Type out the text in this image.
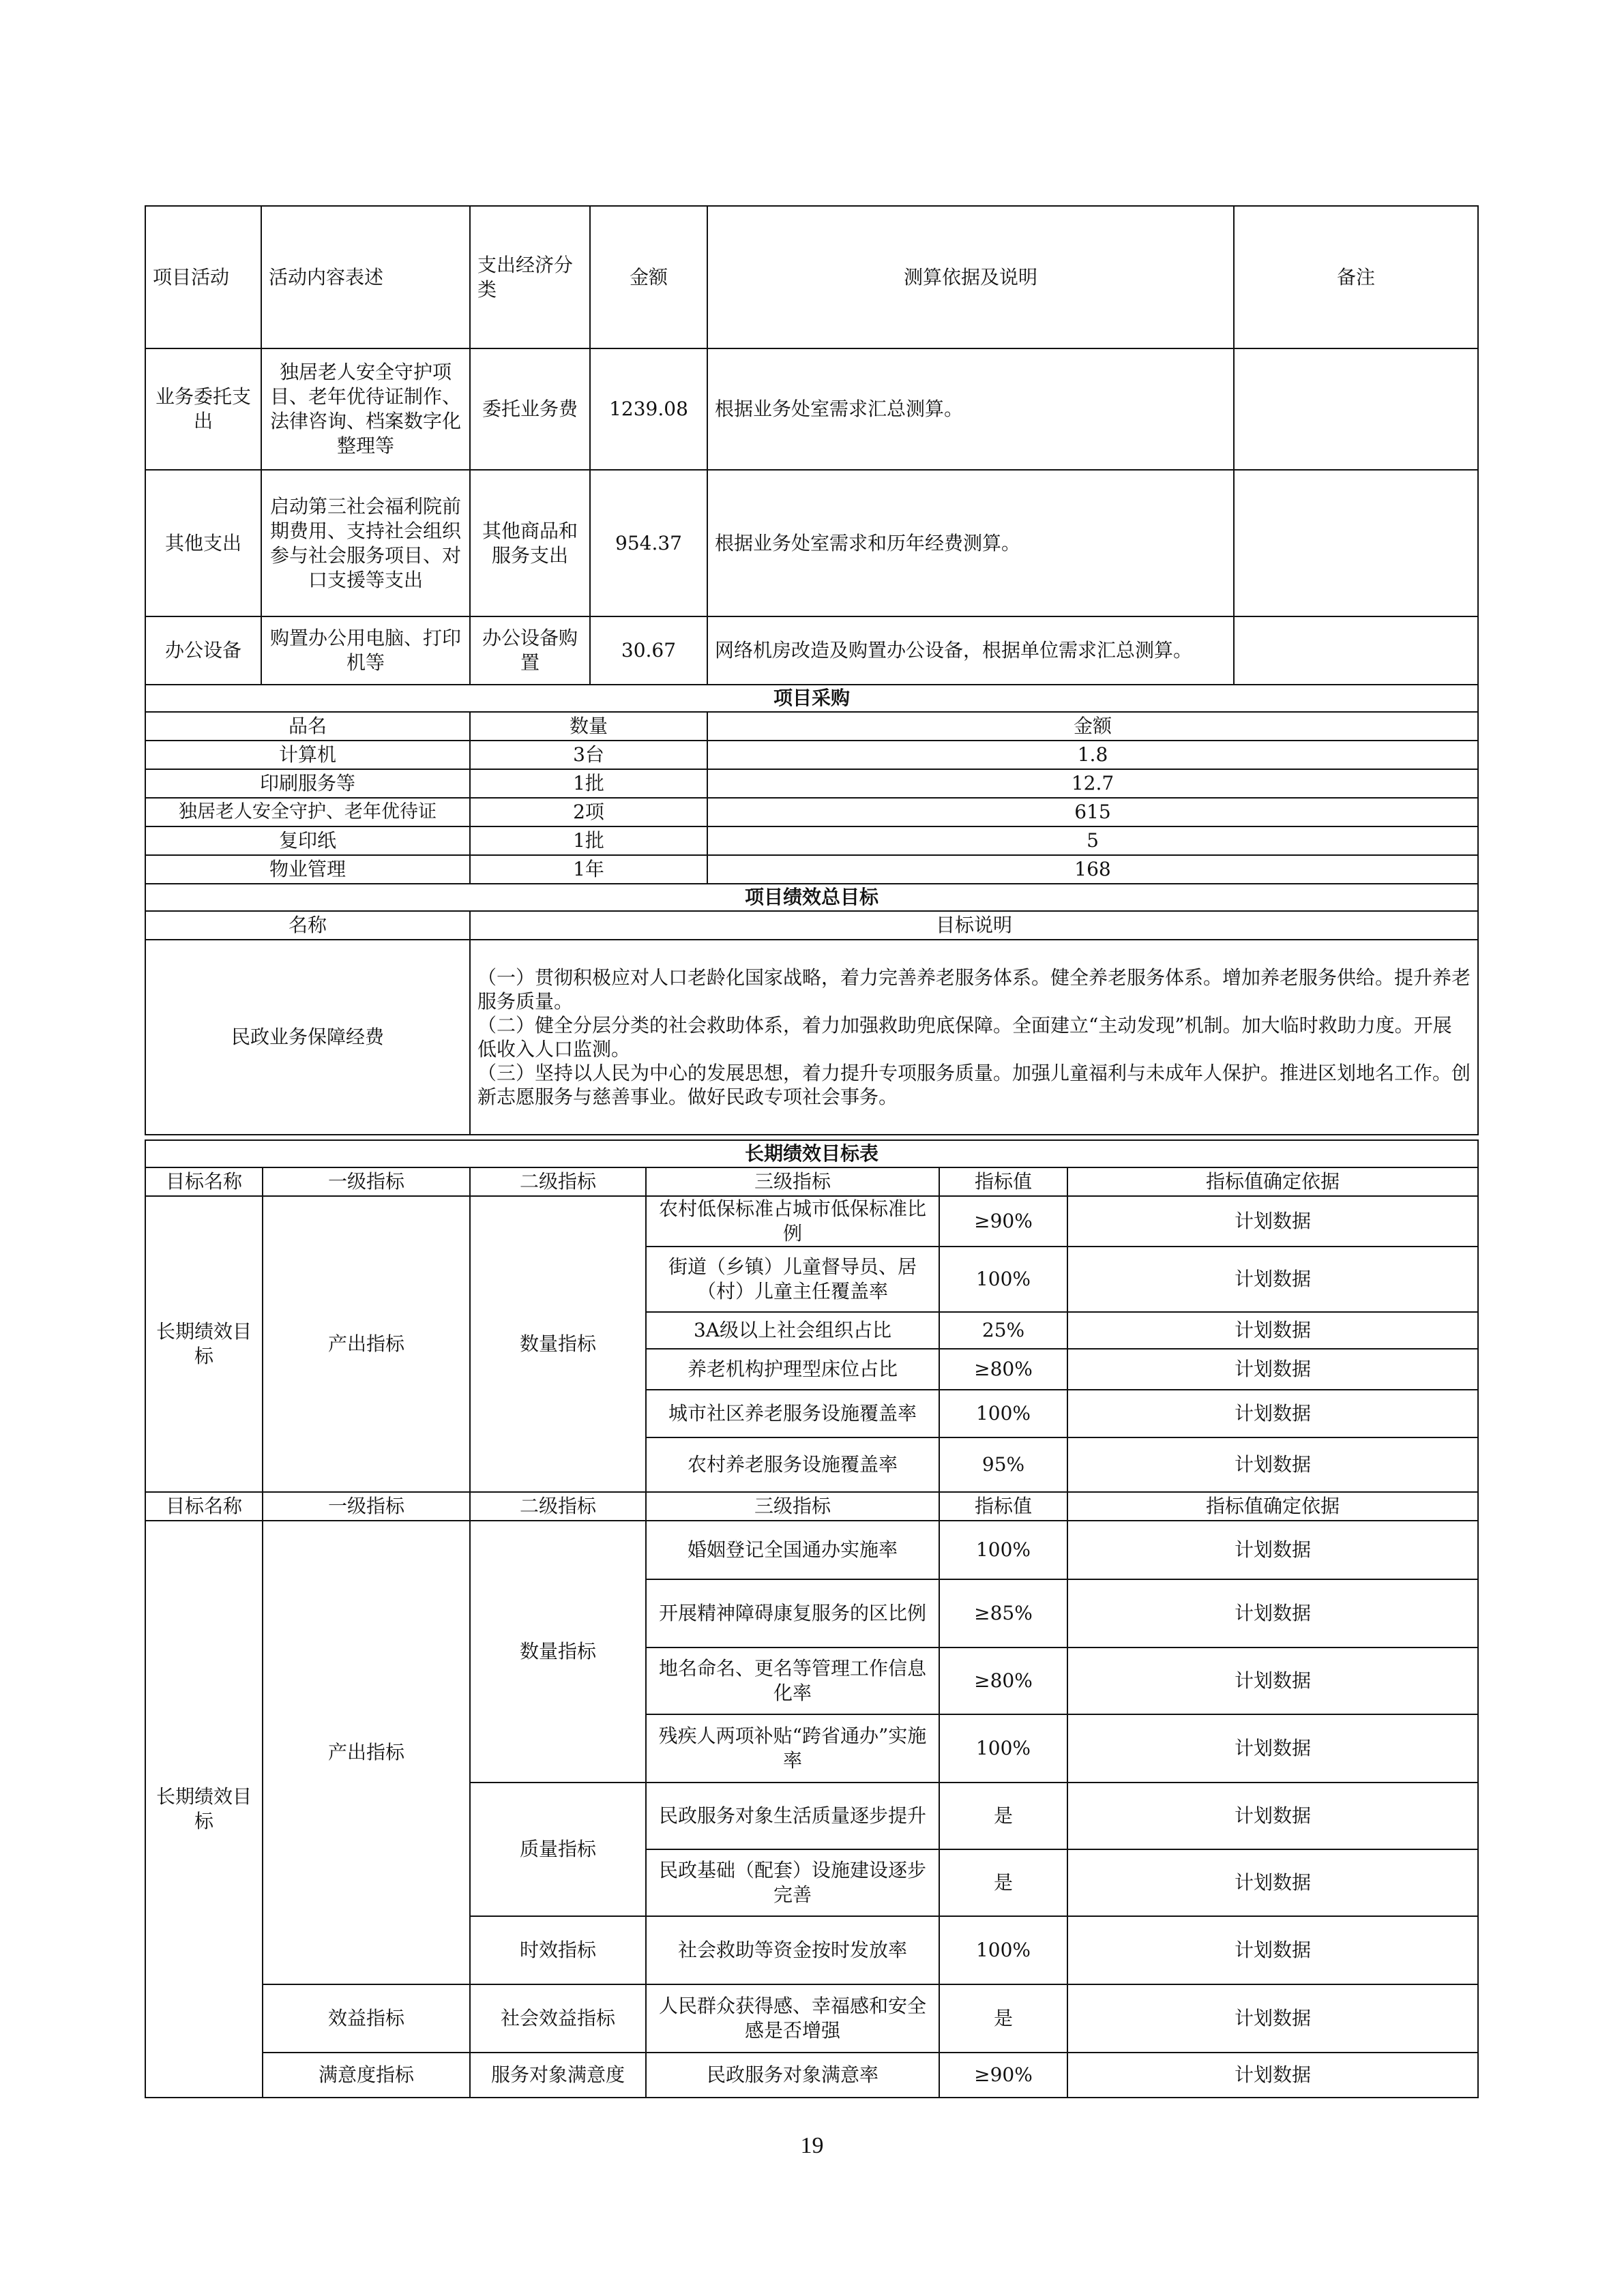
项目活动	活动内容表述	支出经济分类	金额	测算依据及说明	备注
业务委托支出	独居老人安全守护项目、老年优待证制作、法律咨询、档案数字化整理等	委托业务费	1239.08	根据业务处室需求汇总测算。	
其他支出	启动第三社会福利院前期费用、支持社会组织参与社会服务项目、对口支援等支出	其他商品和服务支出	954.37	根据业务处室需求和历年经费测算。	
办公设备	购置办公用电脑、打印机等	办公设备购置	30.67	网络机房改造及购置办公设备，根据单位需求汇总测算。	
项目采购		
品名	数量	金额
计算机	3台	1.8
印刷服务等	1批	12.7
独居老人安全守护、老年优待证	2项	615
复印纸	1批	5
物业管理	1年	168
项目绩效总目标		
名称	目标说明	
民政业务保障经费	（一）贯彻积极应对人口老龄化国家战略，着力完善养老服务体系。健全养老服务体系。增加养老服务供给。提升养老服务质量。
（二）健全分层分类的社会救助体系，着力加强救助兜底保障。全面建立“主动发现”机制。加大临时救助力度。开展低收入人口监测。
（三）坚持以人民为中心的发展思想，着力提升专项服务质量。加强儿童福利与未成年人保护。推进区划地名工作。创新志愿服务与慈善事业。做好民政专项社会事务。	
长期绩效目标表					
目标名称	一级指标	二级指标	三级指标	指标值	指标值确定依据
长期绩效目标	产出指标	数量指标	农村低保标准占城市低保标准比例	≥90%	计划数据
			街道（乡镇）儿童督导员、居（村）儿童主任覆盖率	100%	计划数据
			3A级以上社会组织占比	25%	计划数据
			养老机构护理型床位占比	≥80%	计划数据
			城市社区养老服务设施覆盖率	100%	计划数据
			农村养老服务设施覆盖率	95%	计划数据
目标名称	一级指标	二级指标	三级指标	指标值	指标值确定依据
长期绩效目标	产出指标	数量指标	婚姻登记全国通办实施率	100%	计划数据
			开展精神障碍康复服务的区比例	≥85%	计划数据
			地名命名、更名等管理工作信息化率	≥80%	计划数据
			残疾人两项补贴“跨省通办”实施率	100%	计划数据
		质量指标	民政服务对象生活质量逐步提升	是	计划数据
			民政基础（配套）设施建设逐步完善	是	计划数据
		时效指标	社会救助等资金按时发放率	100%	计划数据
	效益指标	社会效益指标	人民群众获得感、幸福感和安全感是否增强	是	计划数据
	满意度指标	服务对象满意度	民政服务对象满意率	≥90%	计划数据
19
